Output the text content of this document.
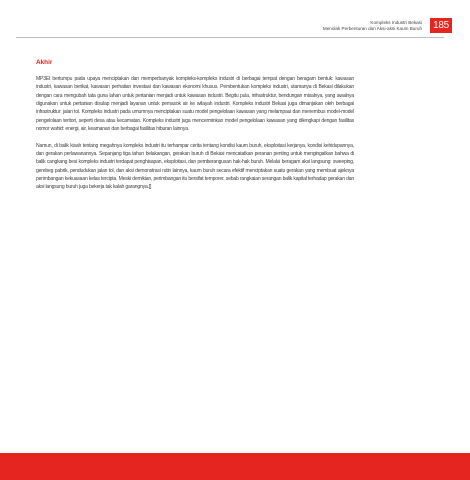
Kompleks Industri Bekasi
Menolak Perbenturan dan Aksi-aksi Kaum Buruh	185
Akhir

MP3EI bertumpu pada upaya menciptakan dan memperbanyak kompleks-kompleks industri di berbagai tempat dengan beragam bentuk: kawasan industri, kawasan berikat, kawasan perhatian investasi dan kawasan ekonomi khusus. Pembentukan kompleks industri, utamanya di Bekasi dilakukan dengan cara mengubah tata guna lahan untuk pertanian menjadi untuk kawasan industri. Begitu pula, infrastruktur, bendungan misalnya, yang awalnya digunakan untuk pertanian disulap menjadi layanan untuk pemasok air ke wilayah industri. Kompleks industri Bekasi juga dimanjakan oleh berbagai infrastruktur: jalan tol. Kompleks industri pada umumnya menciptakan suatu model pengelolaan kawasan yang melampaui dan menembus model-model pengelolaan teritori, seperti desa atau kecamatan. Kompleks industri juga mencerminkan model pengelolaan kawasan yang dilengkapi dengan fasilitas nomor wahid: energi, air, keamanan dan berbagai fasilitas hiburan lainnya.

Namun, di balik kisah tentang megahnya kompleks industri itu terhampar cerita tentang kondisi kaum buruh, eksploitasi kerjanya, kondisi kehidupannya, dan gerakan perlawanannya. Sepanjang tiga tahun belakangan, gerakan buruh di Bekasi mencatatkan peranan penting untuk mengingatkan bahwa di balik cangkang besi kompleks industri terdapat penghisapan, eksploitasi, dan pemberangusan hak-hak buruh. Melalui beragam aksi langsung: sweeping, gerebeg pabrik, pendudukan jalan tol, dan aksi demonstrasi rutin lainnya, kaum buruh secara efektif menciptakan suatu gerakan yang membuat ajeknya perimbangan kekuasaan kelas tercipta. Meski demikian, perimbangan itu bersifat temporer, sebab rangkaian serangan balik kapital terhadap gerakan dan aksi langsung buruh juga bekerja tak kalah garangnya.[]
